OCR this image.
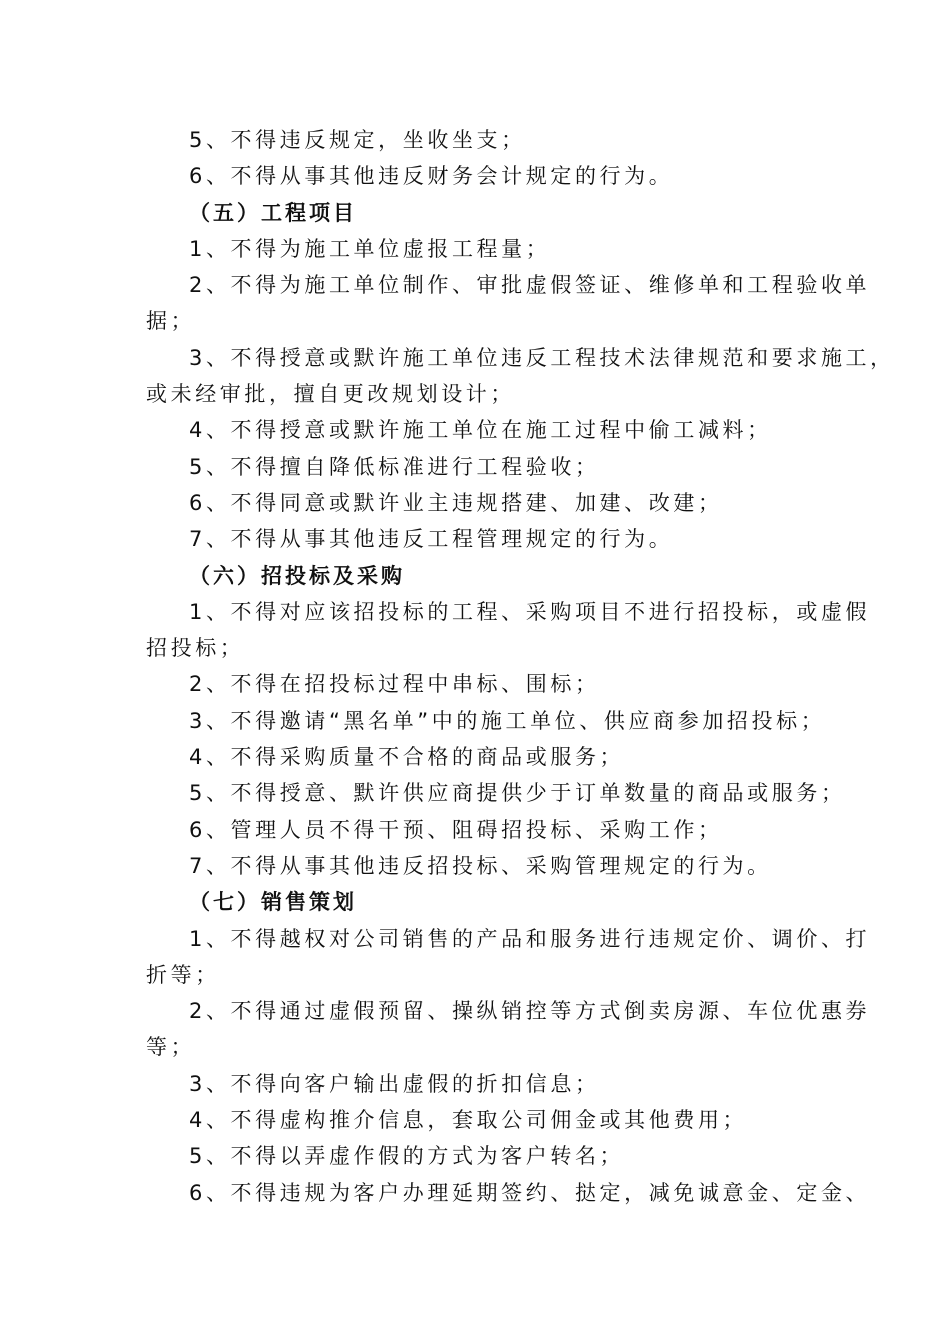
5、不得违反规定，坐收坐支；
6、不得从事其他违反财务会计规定的行为。
（五）工程项目
1、不得为施工单位虚报工程量；
2、不得为施工单位制作、审批虚假签证、维修单和工程验收单
据；
3、不得授意或默许施工单位违反工程技术法律规范和要求施工，
或未经审批，擅自更改规划设计；
4、不得授意或默许施工单位在施工过程中偷工减料；
5、不得擅自降低标准进行工程验收；
6、不得同意或默许业主违规搭建、加建、改建；
7、不得从事其他违反工程管理规定的行为。
（六）招投标及采购
1、不得对应该招投标的工程、采购项目不进行招投标，或虚假
招投标；
2、不得在招投标过程中串标、围标；
3、不得邀请“黑名单”中的施工单位、供应商参加招投标；
4、不得采购质量不合格的商品或服务；
5、不得授意、默许供应商提供少于订单数量的商品或服务；
6、管理人员不得干预、阻碍招投标、采购工作；
7、不得从事其他违反招投标、采购管理规定的行为。
（七）销售策划
1、不得越权对公司销售的产品和服务进行违规定价、调价、打
折等；
2、不得通过虚假预留、操纵销控等方式倒卖房源、车位优惠券
等；
3、不得向客户输出虚假的折扣信息；
4、不得虚构推介信息，套取公司佣金或其他费用；
5、不得以弄虚作假的方式为客户转名；
6、不得违规为客户办理延期签约、挞定，减免诚意金、定金、
